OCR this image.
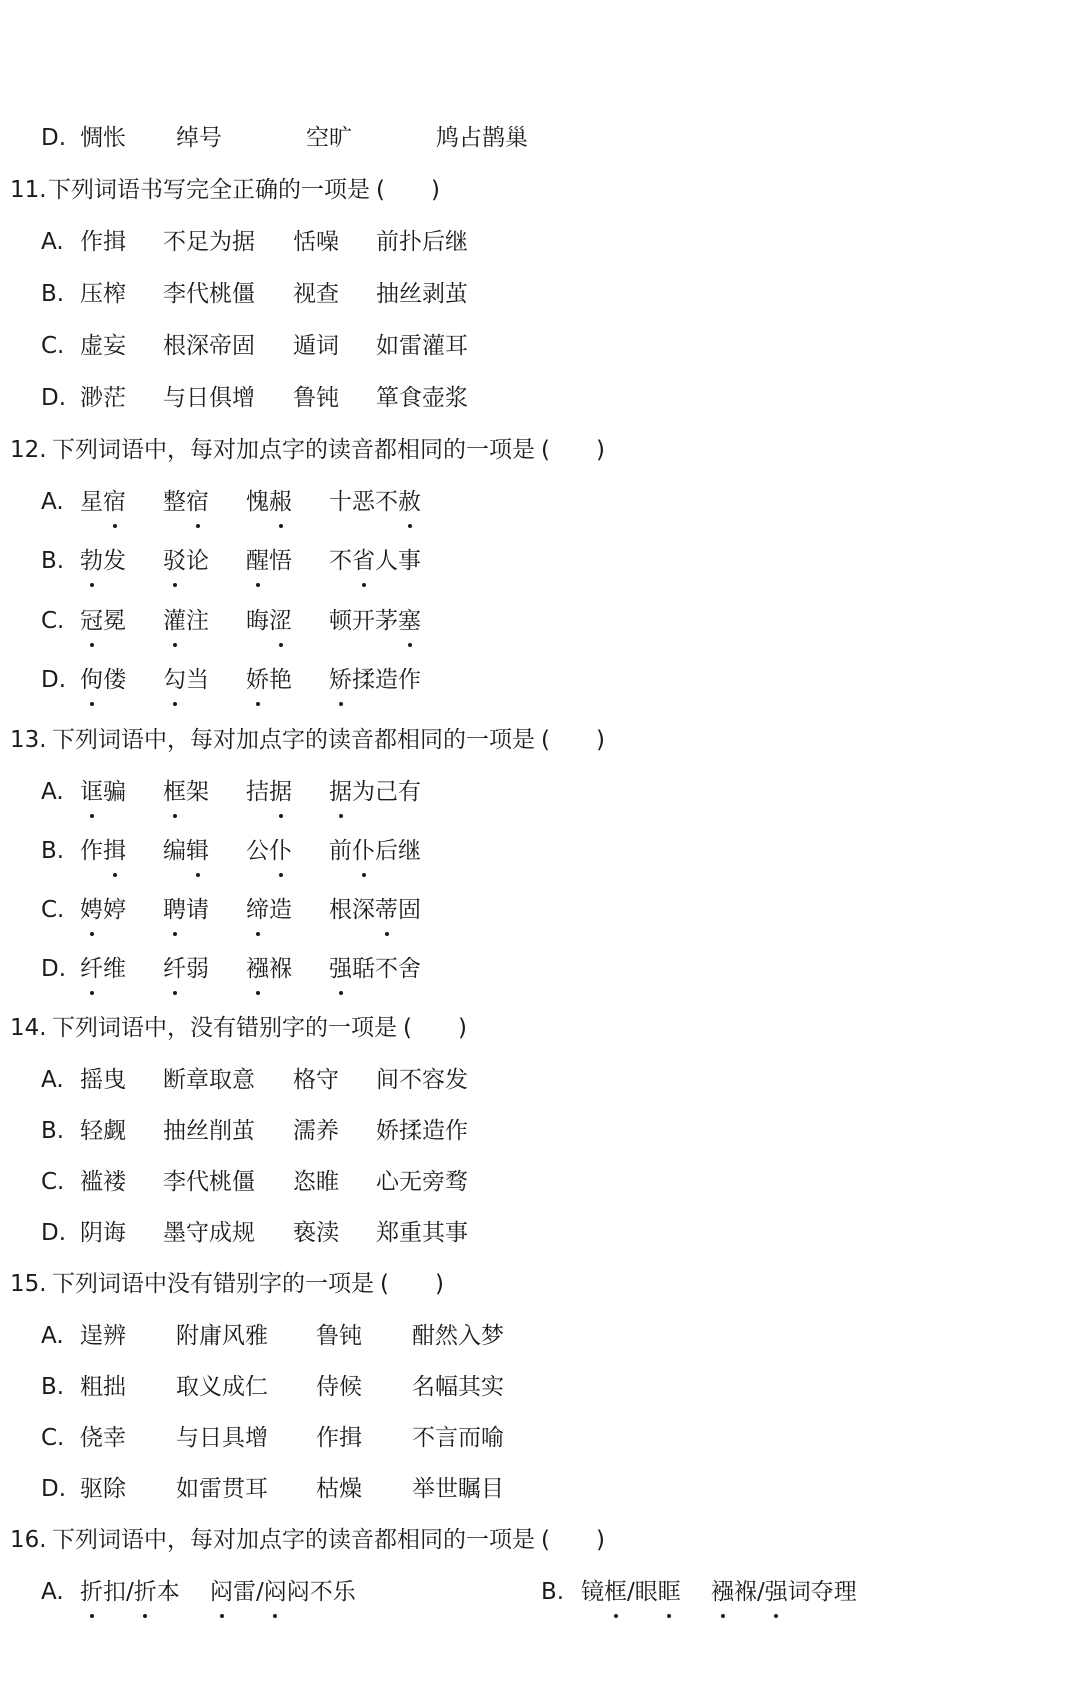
D. 惆怅 绰号	空旷	鸠占鹊巢
11. 下列词语书写完全正确的一项是 (　　)
A. 作揖 不足为据 恬噪 前扑后继
B. 压榨 李代桃僵 视查 抽丝剥茧
C. 虚妄 根深帝固 遁词 如雷灌耳
D. 渺茫 与日俱增 鲁钝 箪食壶浆
12. 下列词语中，每对加点字的读音都相同的一项是 (　　)
A. 星宿 整宿 愧赧 十恶不赦
B. 勃发 驳论 醒悟 不省人事
C. 冠冕 灌注 晦涩 顿开茅塞
D. 佝偻 勾当 娇艳 矫揉造作
13. 下列词语中，每对加点字的读音都相同的一项是 (　　)
A. 诓骗 框架 拮据 据为己有
B. 作揖 编辑 公仆 前仆后继
C. 娉婷 聘请 缔造 根深蒂固
D. 纤维 纤弱 襁褓 强聒不舍
14. 下列词语中，没有错别字的一项是 (　　)
A. 摇曳 断章取意 格守 间不容发
B. 轻觑 抽丝削茧 濡养 娇揉造作
C. 褴褛 李代桃僵 恣睢 心无旁骛
D. 阴诲 墨守成规 亵渎 郑重其事
15. 下列词语中没有错别字的一项是 (　　)
A. 逞辨 附庸风雅 鲁钝 酣然入梦
B. 粗拙 取义成仁 侍候 名幅其实
C. 侥幸 与日具增 作揖 不言而喻
D. 驱除 如雷贯耳 枯燥 举世瞩目
16. 下列词语中，每对加点字的读音都相同的一项是 (　　)
A. 折扣/折本 闷雷/闷闷不乐	B. 镜框/眼眶 襁褓/强词夺理
